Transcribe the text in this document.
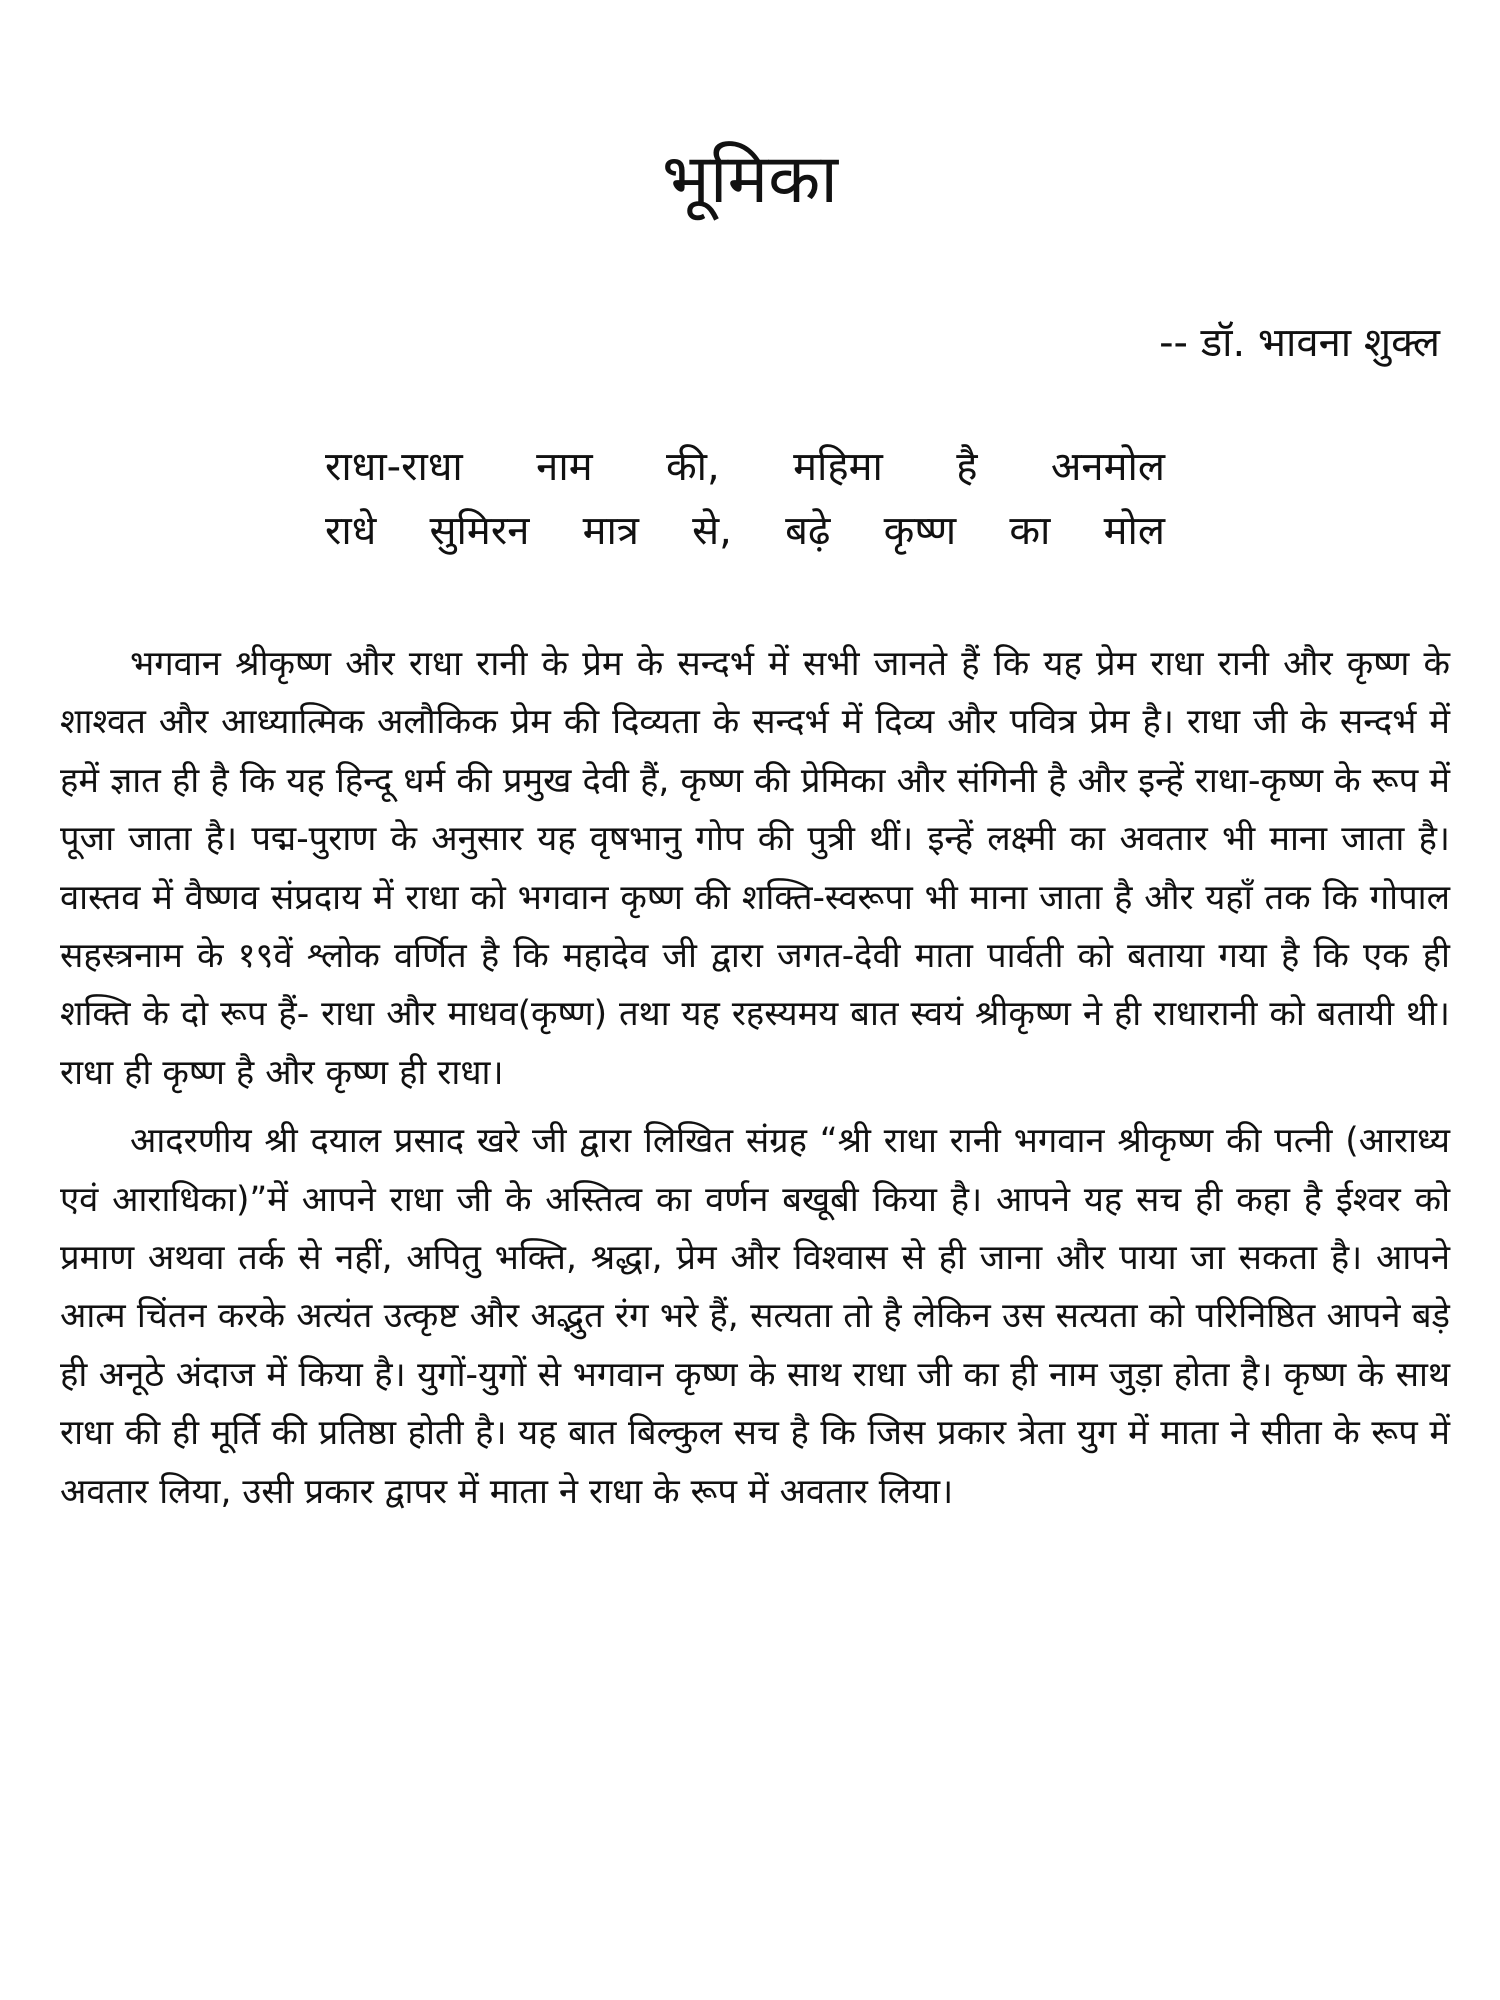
भूमिका
-- डॉ. भावना शुक्ल
राधा-राधा नाम की, महिमा है अनमोल
राधे सुमिरन मात्र से, बढ़े कृष्ण का मोल

भगवान श्रीकृष्ण और राधा रानी के प्रेम के सन्दर्भ में सभी जानते हैं कि यह प्रेम राधा रानी और कृष्ण के शाश्वत और आध्यात्मिक अलौकिक प्रेम की दिव्यता के सन्दर्भ में दिव्य और पवित्र प्रेम है। राधा जी के सन्दर्भ में हमें ज्ञात ही है कि यह हिन्दू धर्म की प्रमुख देवी हैं, कृष्ण की प्रेमिका और संगिनी है और इन्हें राधा-कृष्ण के रूप में पूजा जाता है। पद्म-पुराण के अनुसार यह वृषभानु गोप की पुत्री थीं। इन्हें लक्ष्मी का अवतार भी माना जाता है। वास्तव में वैष्णव संप्रदाय में राधा को भगवान कृष्ण की शक्ति-स्वरूपा भी माना जाता है और यहाँ तक कि गोपाल सहस्त्रनाम के १९वें श्लोक वर्णित है कि महादेव जी द्वारा जगत-देवी माता पार्वती को बताया गया है कि एक ही शक्ति के दो रूप हैं- राधा और माधव(कृष्ण) तथा यह रहस्यमय बात स्वयं श्रीकृष्ण ने ही राधारानी को बतायी थी। राधा ही कृष्ण है और कृष्ण ही राधा।

आदरणीय श्री दयाल प्रसाद खरे जी द्वारा लिखित संग्रह “श्री राधा रानी भगवान श्रीकृष्ण की पत्नी (आराध्य एवं आराधिका)”में आपने राधा जी के अस्तित्व का वर्णन बखूबी किया है। आपने यह सच ही कहा है ईश्वर को प्रमाण अथवा तर्क से नहीं, अपितु भक्ति, श्रद्धा, प्रेम और विश्वास से ही जाना और पाया जा सकता है। आपने आत्म चिंतन करके अत्यंत उत्कृष्ट और अद्भुत रंग भरे हैं, सत्यता तो है लेकिन उस सत्यता को परिनिष्ठित आपने बड़े ही अनूठे अंदाज में किया है। युगों-युगों से भगवान कृष्ण के साथ राधा जी का ही नाम जुड़ा होता है। कृष्ण के साथ राधा की ही मूर्ति की प्रतिष्ठा होती है। यह बात बिल्कुल सच है कि जिस प्रकार त्रेता युग में माता ने सीता के रूप में अवतार लिया, उसी प्रकार द्वापर में माता ने राधा के रूप में अवतार लिया।
